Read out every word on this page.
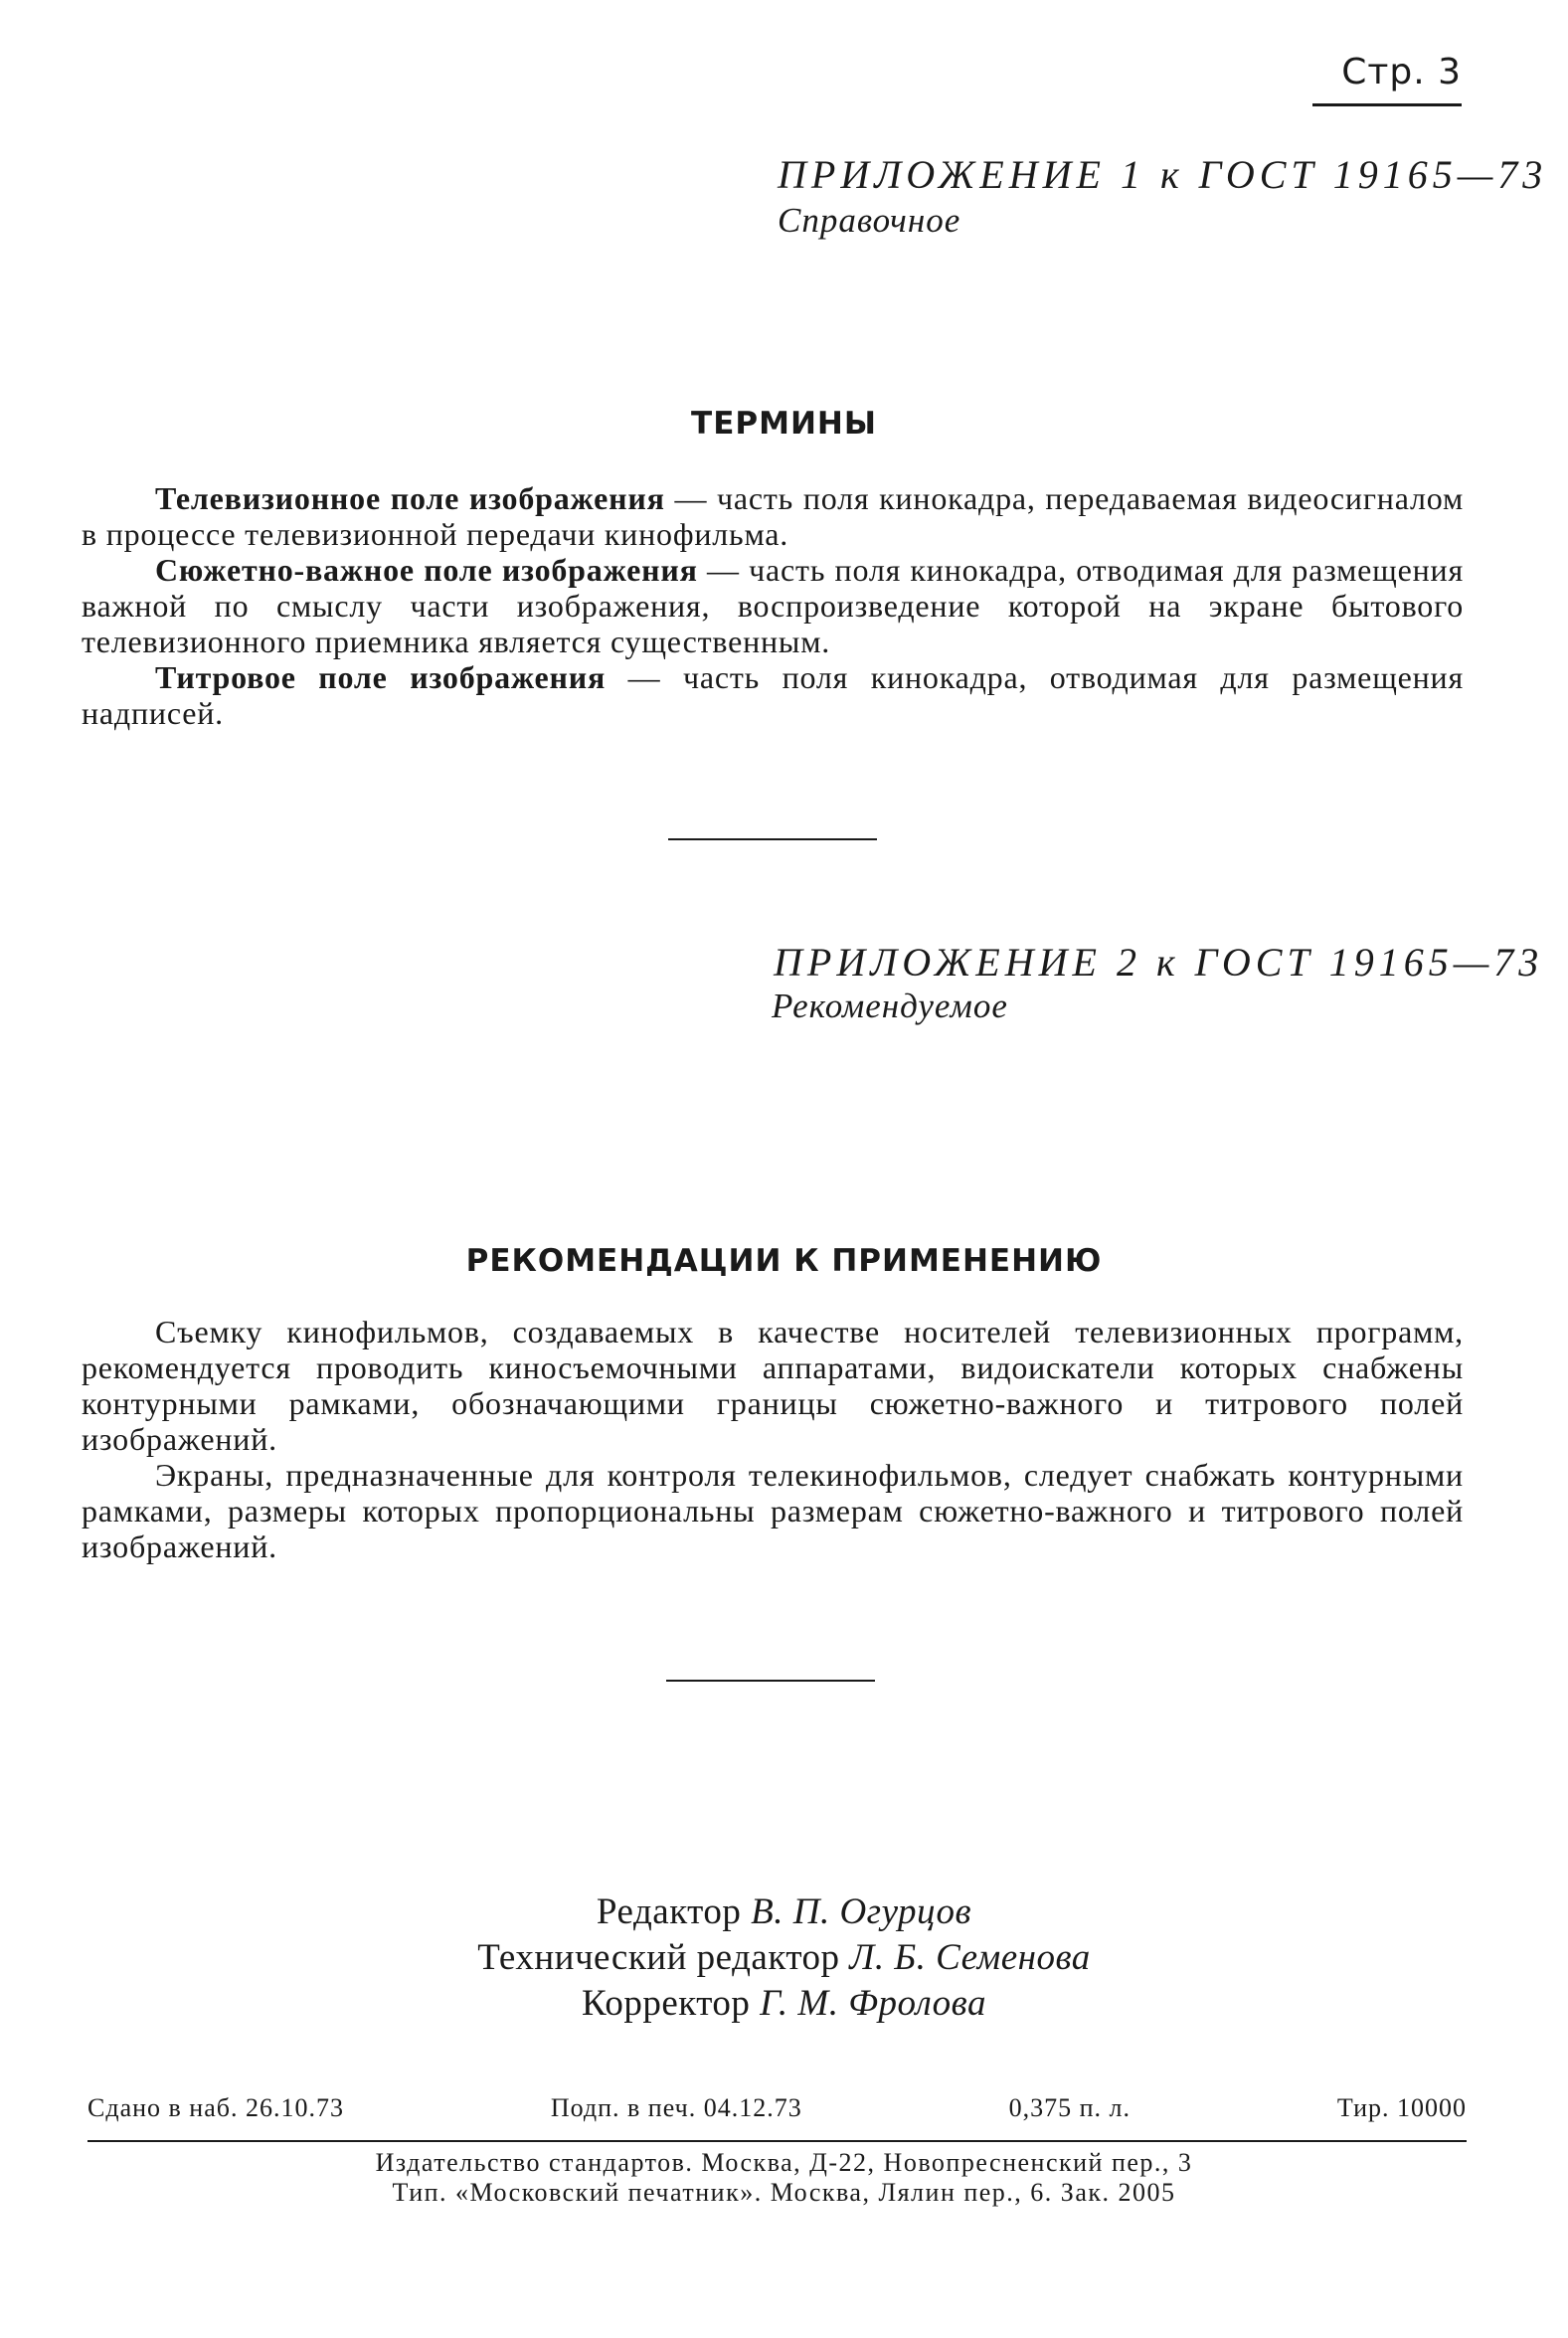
Стр. 3
ПРИЛОЖЕНИЕ 1 к ГОСТ 19165—73
Справочное
ТЕРМИНЫ

Телевизионное поле изображения — часть поля кинокадра, передаваемая видеосигналом в процессе телевизионной передачи кинофильма.

Сюжетно-важное поле изображения — часть поля кинокадра, отводимая для размещения важной по смыслу части изображения, воспроизведение которой на экране бытового телевизионного приемника является существенным.

Титровое поле изображения — часть поля кинокадра, отводимая для размещения надписей.

ПРИЛОЖЕНИЕ 2 к ГОСТ 19165—73
Рекомендуемое
РЕКОМЕНДАЦИИ К ПРИМЕНЕНИЮ

Съемку кинофильмов, создаваемых в качестве носителей телевизионных программ, рекомендуется проводить киносъемочными аппаратами, видоискатели которых снабжены контурными рамками, обозначающими границы сюжетно-важного и титрового полей изображений.

Экраны, предназначенные для контроля телекинофильмов, следует снабжать контурными рамками, размеры которых пропорциональны размерам сюжетно-важного и титрового полей изображений.

Редактор В. П. Огурцов
Технический редактор Л. Б. Семенова
Корректор Г. М. Фролова
Сдано в наб. 26.10.73	Подп. в печ. 04.12.73	0,375 п. л.	Тир. 10000
Издательство стандартов. Москва, Д-22, Новопресненский пер., 3
Тип. «Московский печатник». Москва, Лялин пер., 6. Зак. 2005
